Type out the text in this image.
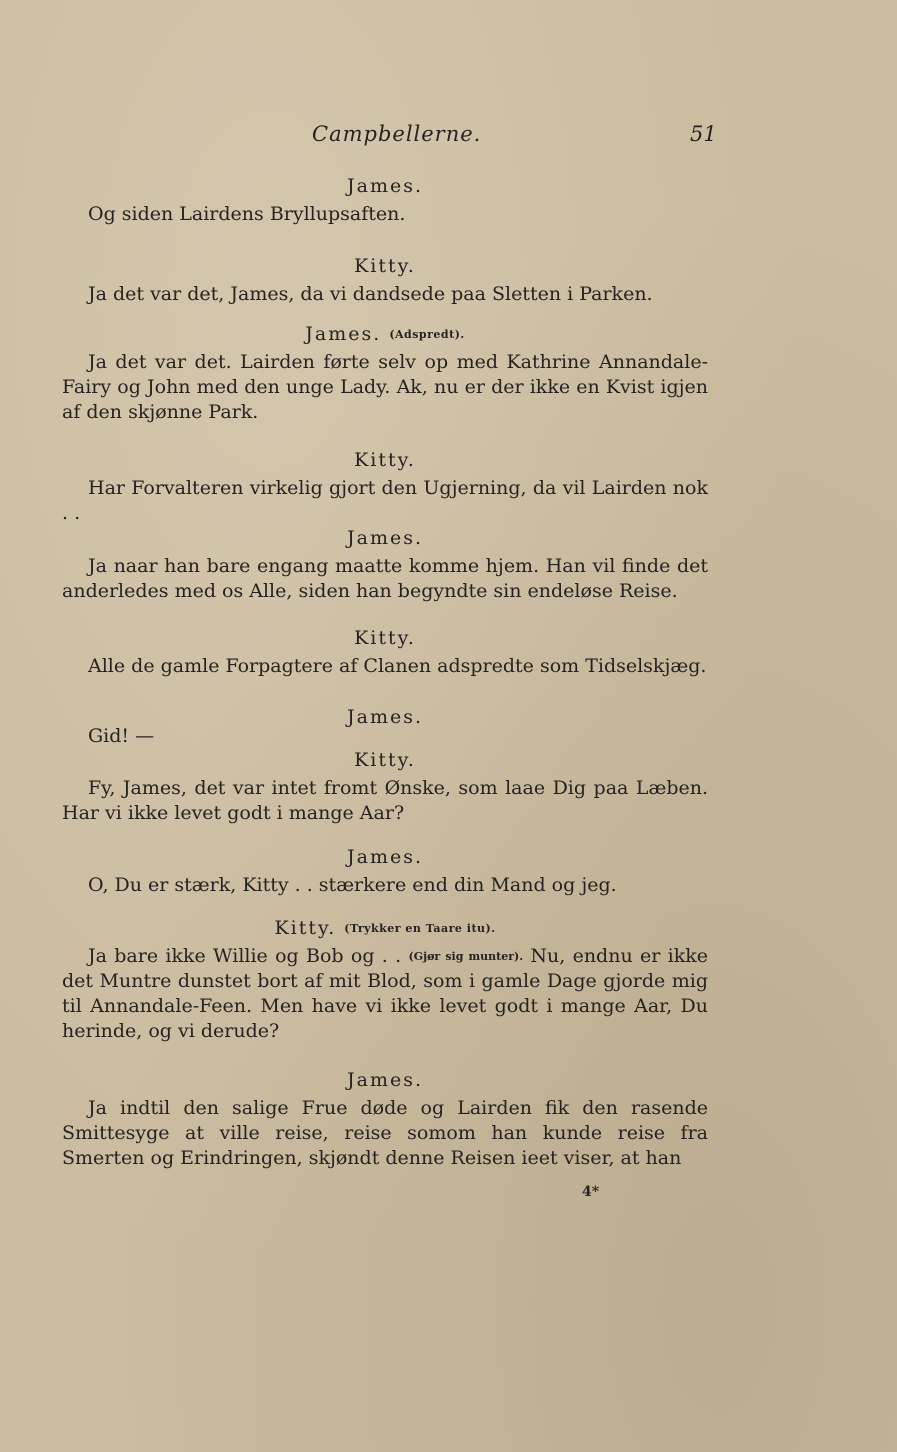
Campbellerne.	51
James.
Og siden Lairdens Bryllupsaften.
Kitty.
Ja det var det, James, da vi dandsede paa Sletten i Parken.
James. (Adspredt).
Ja det var det. Lairden førte selv op med Kathrine Annandale-Fairy og John med den unge Lady. Ak, nu er der ikke en Kvist igjen af den skjønne Park.
Kitty.
Har Forvalteren virkelig gjort den Ugjerning, da vil Lairden nok . .
James.
Ja naar han bare engang maatte komme hjem. Han vil finde det anderledes med os Alle, siden han begyndte sin endeløse Reise.
Kitty.
Alle de gamle Forpagtere af Clanen adspredte som Tidselskjæg.
James.
Gid! —
Kitty.
Fy, James, det var intet fromt Ønske, som laae Dig paa Læben. Har vi ikke levet godt i mange Aar?
James.
O, Du er stærk, Kitty . . stærkere end din Mand og jeg.
Kitty. (Trykker en Taare itu).
Ja bare ikke Willie og Bob og . . (Gjør sig munter). Nu, endnu er ikke det Muntre dunstet bort af mit Blod, som i gamle Dage gjorde mig til Annandale-Feen. Men have vi ikke levet godt i mange Aar, Du herinde, og vi derude?
James.
Ja indtil den salige Frue døde og Lairden fik den rasende Smittesyge at ville reise, reise somom han kunde reise fra Smerten og Erindringen, skjøndt denne Reisen ieet viser, at han
4*
